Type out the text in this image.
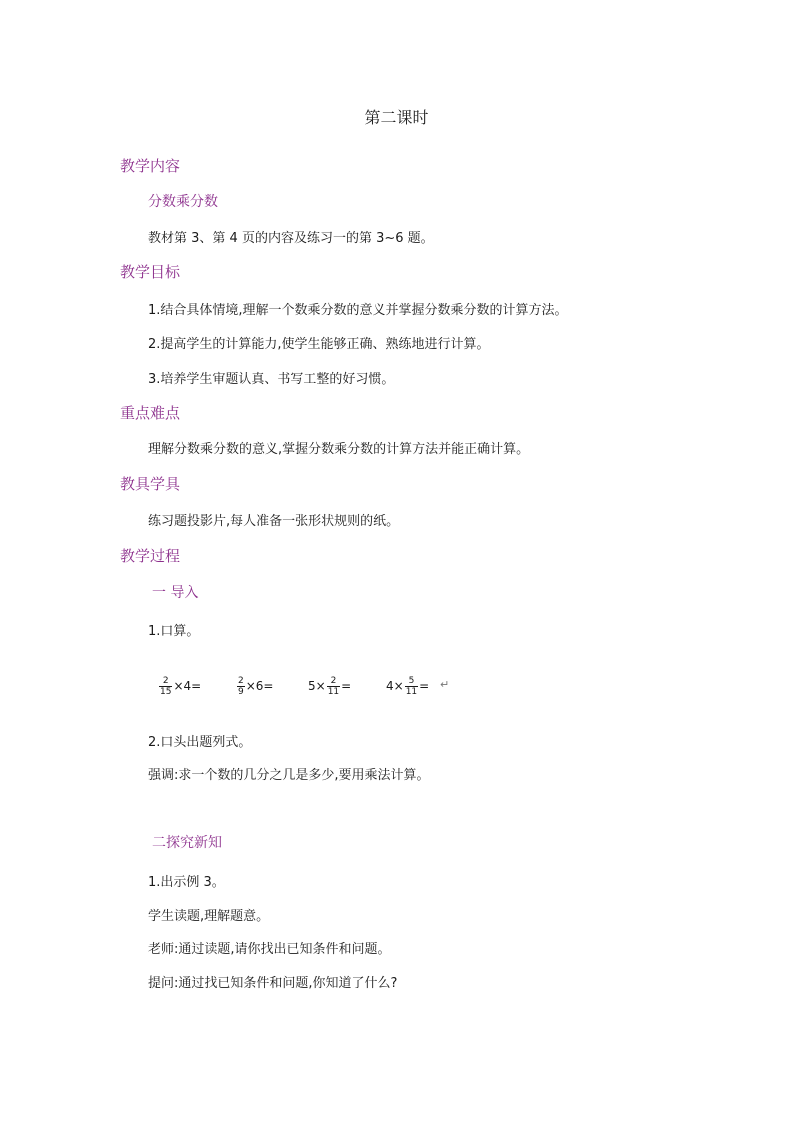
第二课时
教学内容
分数乘分数
教材第 3、第 4 页的内容及练习一的第 3~6 题。
教学目标
1.结合具体情境,理解一个数乘分数的意义并掌握分数乘分数的计算方法。
2.提高学生的计算能力,使学生能够正确、熟练地进行计算。
3.培养学生审题认真、书写工整的好习惯。
重点难点
理解分数乘分数的意义,掌握分数乘分数的计算方法并能正确计算。
教具学具
练习题投影片,每人准备一张形状规则的纸。
教学过程
一 导入
1.口算。
$\frac{2}{15} \times 4=$	$\frac{2}{9} \times 6=$	$5\times \frac{2}{11}$ =	$4\times \frac{5}{11}$ = ↵
2.口头出题列式。
强调:求一个数的几分之几是多少,要用乘法计算。
二探究新知
1.出示例 3。
学生读题,理解题意。
老师:通过读题,请你找出已知条件和问题。
提问:通过找已知条件和问题,你知道了什么?
